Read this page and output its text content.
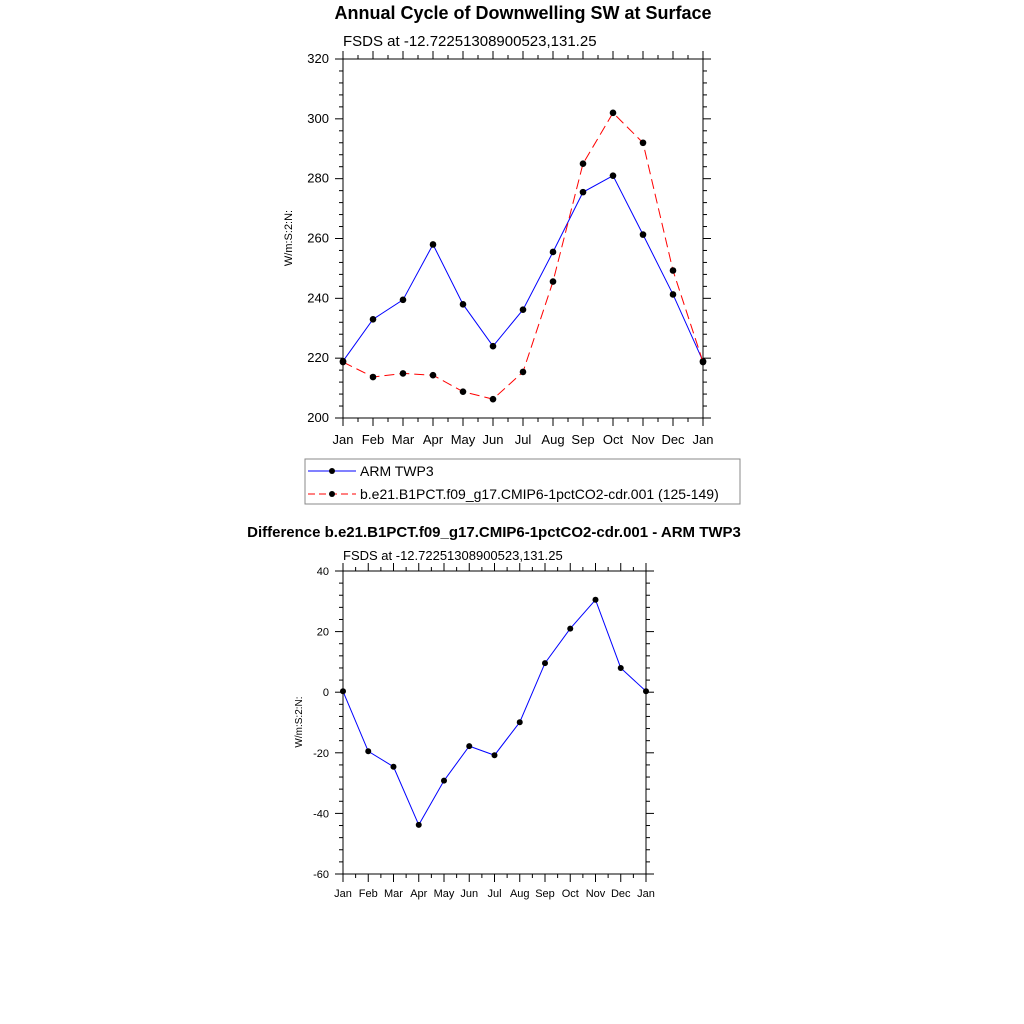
Annual Cycle of Downwelling SW at Surface
FSDS at -12.72251308900523,131.25
W/m:S:2:N:
200
220
240
260
280
300
320
Jan Feb Mar Apr May Jun Jul Aug Sep Oct Nov Dec Jan
ARM TWP3
b.e21.B1PCT.f09_g17.CMIP6-1pctCO2-cdr.001 (125-149)
Difference b.e21.B1PCT.f09_g17.CMIP6-1pctCO2-cdr.001 - ARM TWP3
FSDS at -12.72251308900523,131.25
W/m:S:2:N:
-60
-40
-20
0
20
40
Jan Feb Mar Apr May Jun Jul Aug Sep Oct Nov Dec Jan
